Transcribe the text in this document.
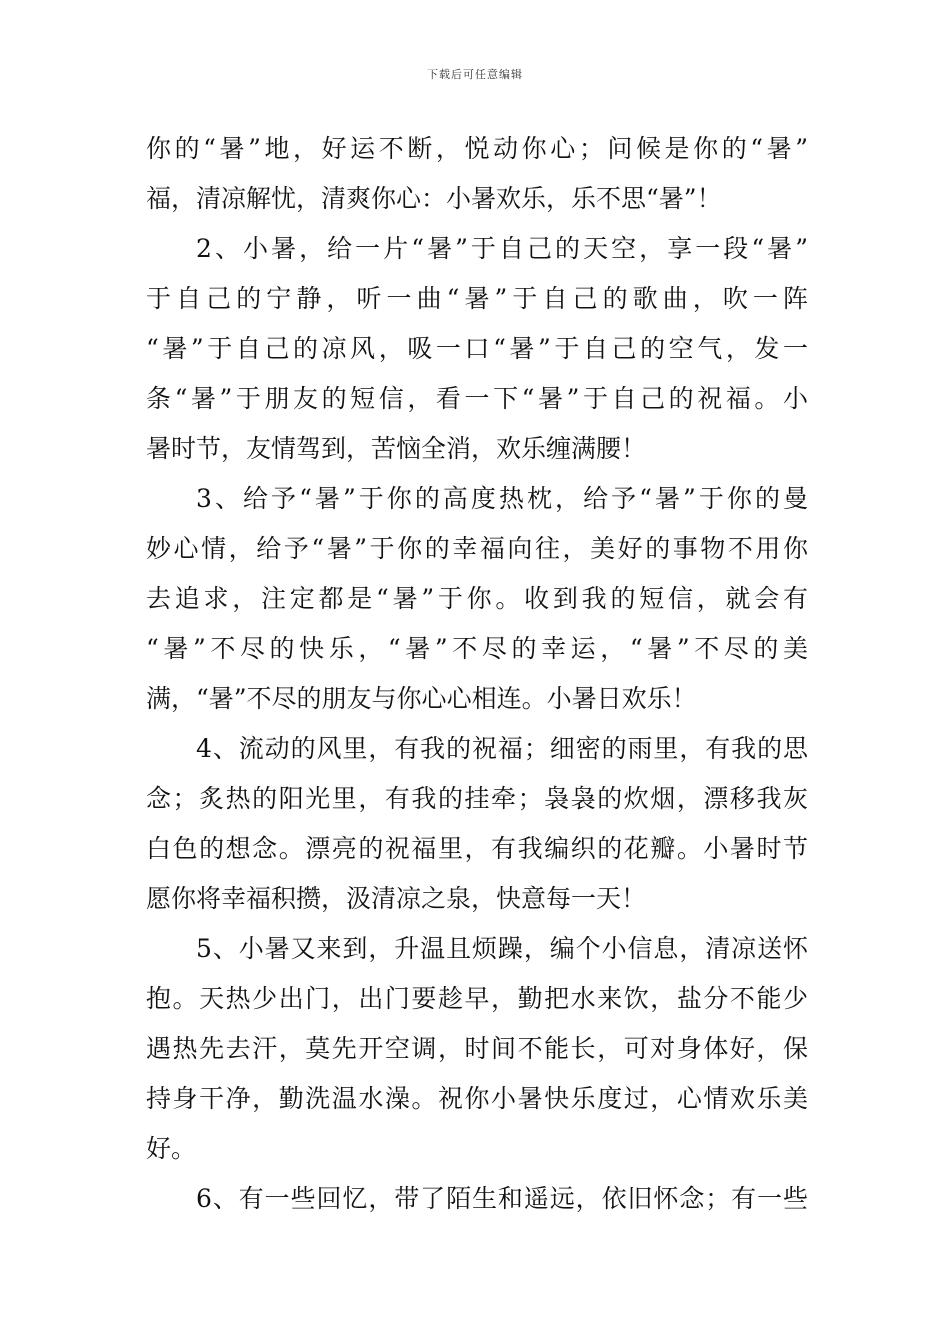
下载后可任意编辑
你的“暑”地，好运不断，悦动你心；问候是你的“暑”
福，清凉解忧，清爽你心：小暑欢乐，乐不思“暑”！
2、小暑，给一片“暑”于自己的天空，享一段“暑”
于自己的宁静，听一曲“暑”于自己的歌曲，吹一阵
“暑”于自己的凉风，吸一口“暑”于自己的空气，发一
条“暑”于朋友的短信，看一下“暑”于自己的祝福。小
暑时节，友情驾到，苦恼全消，欢乐缠满腰！
3、给予“暑”于你的高度热枕，给予“暑”于你的曼
妙心情，给予“暑”于你的幸福向往，美好的事物不用你
去追求，注定都是“暑”于你。收到我的短信，就会有
“暑”不尽的快乐，“暑”不尽的幸运，“暑”不尽的美
满，“暑”不尽的朋友与你心心相连。小暑日欢乐！
4、流动的风里，有我的祝福；细密的雨里，有我的思
念；炙热的阳光里，有我的挂牵；袅袅的炊烟，漂移我灰
白色的想念。漂亮的祝福里，有我编织的花瓣。小暑时节
愿你将幸福积攒，汲清凉之泉，快意每一天！
5、小暑又来到，升温且烦躁，编个小信息，清凉送怀
抱。天热少出门，出门要趁早，勤把水来饮，盐分不能少
遇热先去汗，莫先开空调，时间不能长，可对身体好，保
持身干净，勤洗温水澡。祝你小暑快乐度过，心情欢乐美
好。
6、有一些回忆，带了陌生和遥远，依旧怀念；有一些
